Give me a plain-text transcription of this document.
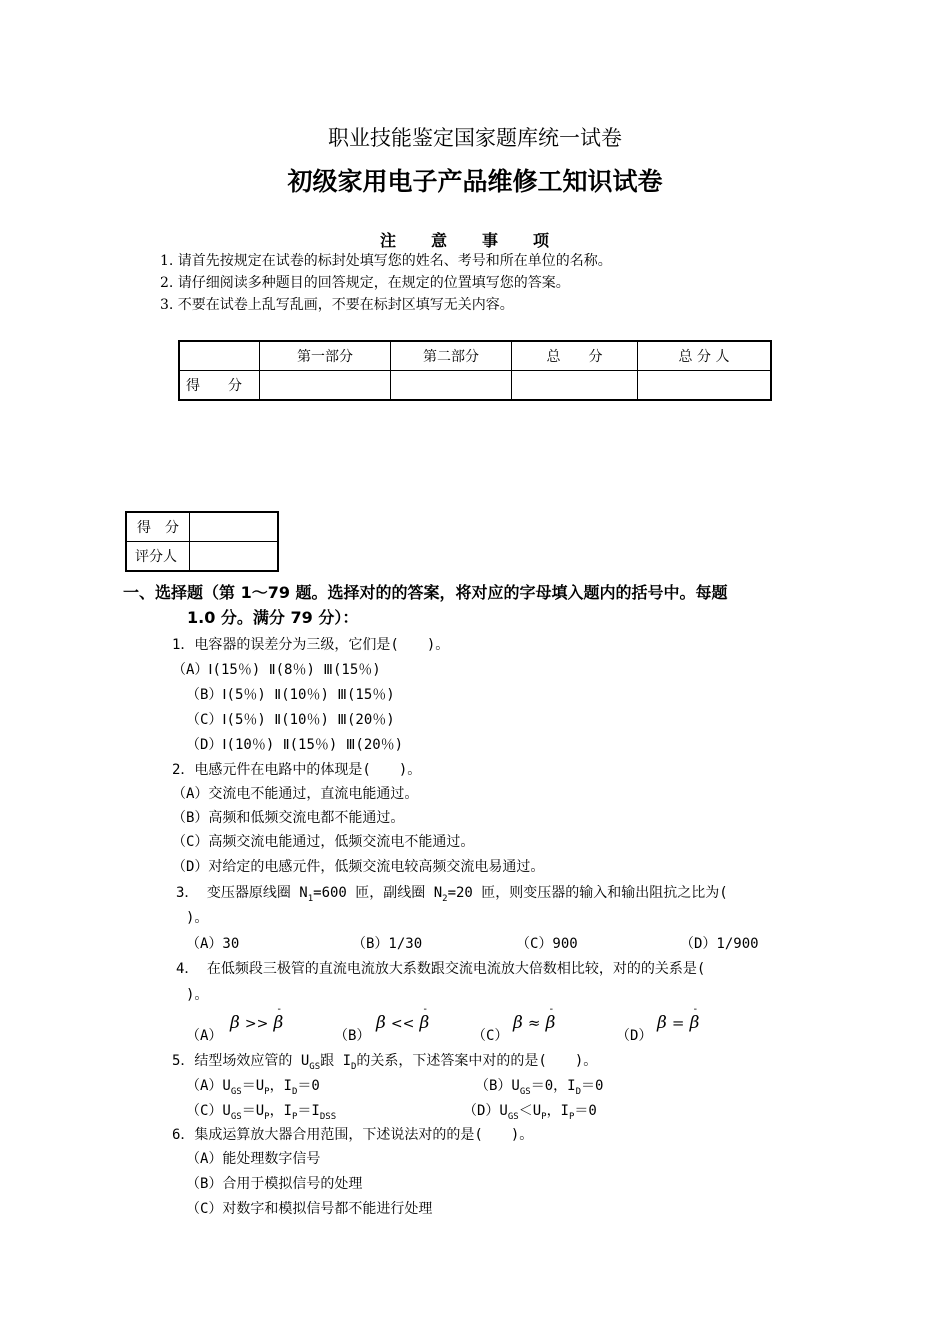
职业技能鉴定国家题库统一试卷
初级家用电子产品维修工知识试卷
注意事项
1. 请首先按规定在试卷的标封处填写您的姓名、考号和所在单位的名称。
2. 请仔细阅读多种题目的回答规定，在规定的位置填写您的答案。
3. 不要在试卷上乱写乱画，不要在标封区填写无关内容。
	第一部分	第二部分	总　　分	总 分 人
得　　分				
得　分	
评分人	
一、选择题（第 1～79 题。选择对的的答案，将对应的字母填入题内的括号中。每题
1.0 分。满分 79 分）：
1．电容器的误差分为三级，它们是(　　)。
（A）Ⅰ(15％) Ⅱ(8％) Ⅲ(15％)
（B）Ⅰ(5％) Ⅱ(10％) Ⅲ(15％)
（C）Ⅰ(5％) Ⅱ(10％) Ⅲ(20％)
（D）Ⅰ(10％) Ⅱ(15％) Ⅲ(20％)
2．电感元件在电路中的体现是(　　)。
（A）交流电不能通过，直流电能通过。
（B）高频和低频交流电都不能通过。
（C）高频交流电能通过，低频交流电不能通过。
（D）对给定的电感元件，低频交流电较高频交流电易通过。
3． 变压器原线圈 $N_1=600$ 匝，副线圈 $N_2=20$ 匝，则变压器的输入和输出阻抗之比为(
)。
（A）30	（B）1/30	（C）900	（D）1/900
4． 在低频段三极管的直流电流放大系数跟交流电流放大倍数相比较，对的的关系是(
)。
（A）
β >>
-
β
（B）
β <<
-
β
（C）
β ≈
-
β
（D）
β =
-
β
5．结型场效应管的 $U_{GS}$跟 $I_D$的关系，下述答案中对的的是(　　)。
$(A)U_{GS}=U_P$，$I_D=0$	$(B)U_{GS}=0$，$I_D=0$
$(C)U_{GS}=U_P$，$I_P=I_{DSS}$	$(D)U_{GS}<U_P$，$I_P=0$
6．集成运算放大器合用范围，下述说法对的的是(　　)。
（A）能处理数字信号
（B）合用于模拟信号的处理
（C）对数字和模拟信号都不能进行处理
